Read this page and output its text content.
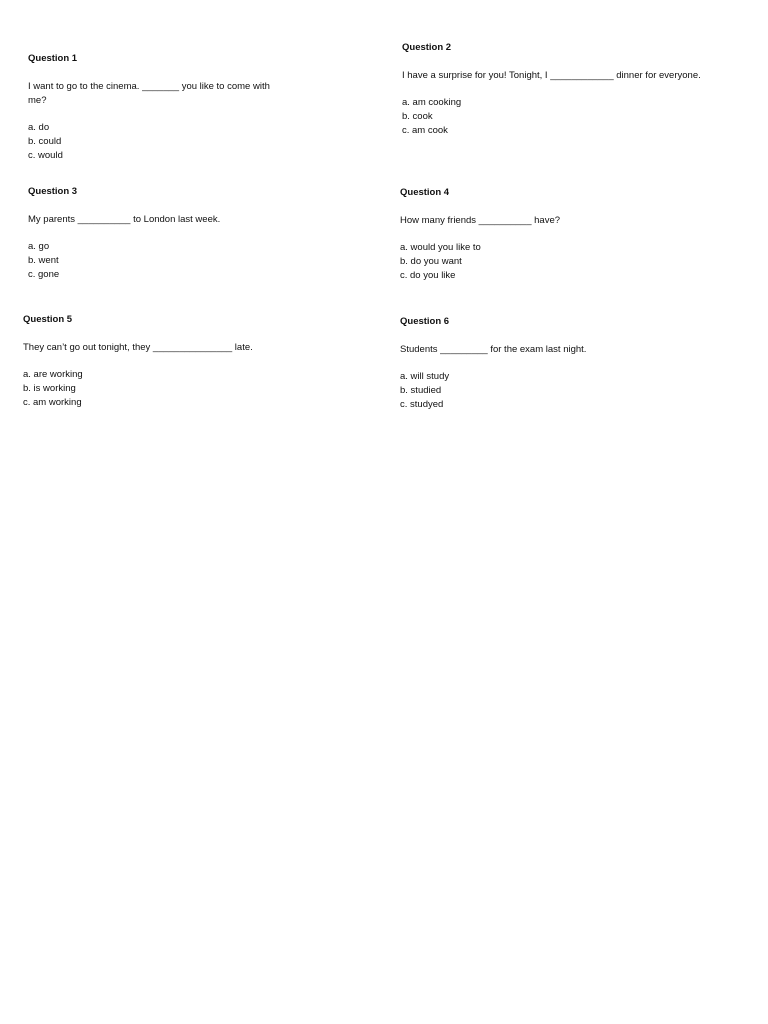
Question 1
I want to go to the cinema. _______ you like to come with me?
a. do
b. could
c. would
Question 2
I have a surprise for you! Tonight, I ____________ dinner for everyone.
a. am cooking
b. cook
c. am cook
Question 3
My parents __________ to London last week.
a. go
b. went
c. gone
Question 4
How many friends __________ have?
a. would you like to
b. do you want
c. do you like
Question 5
They can’t go out tonight, they _______________ late.
a. are working
b. is working
c. am working
Question 6
Students _________ for the exam last night.
a. will study
b. studied
c. studyed
